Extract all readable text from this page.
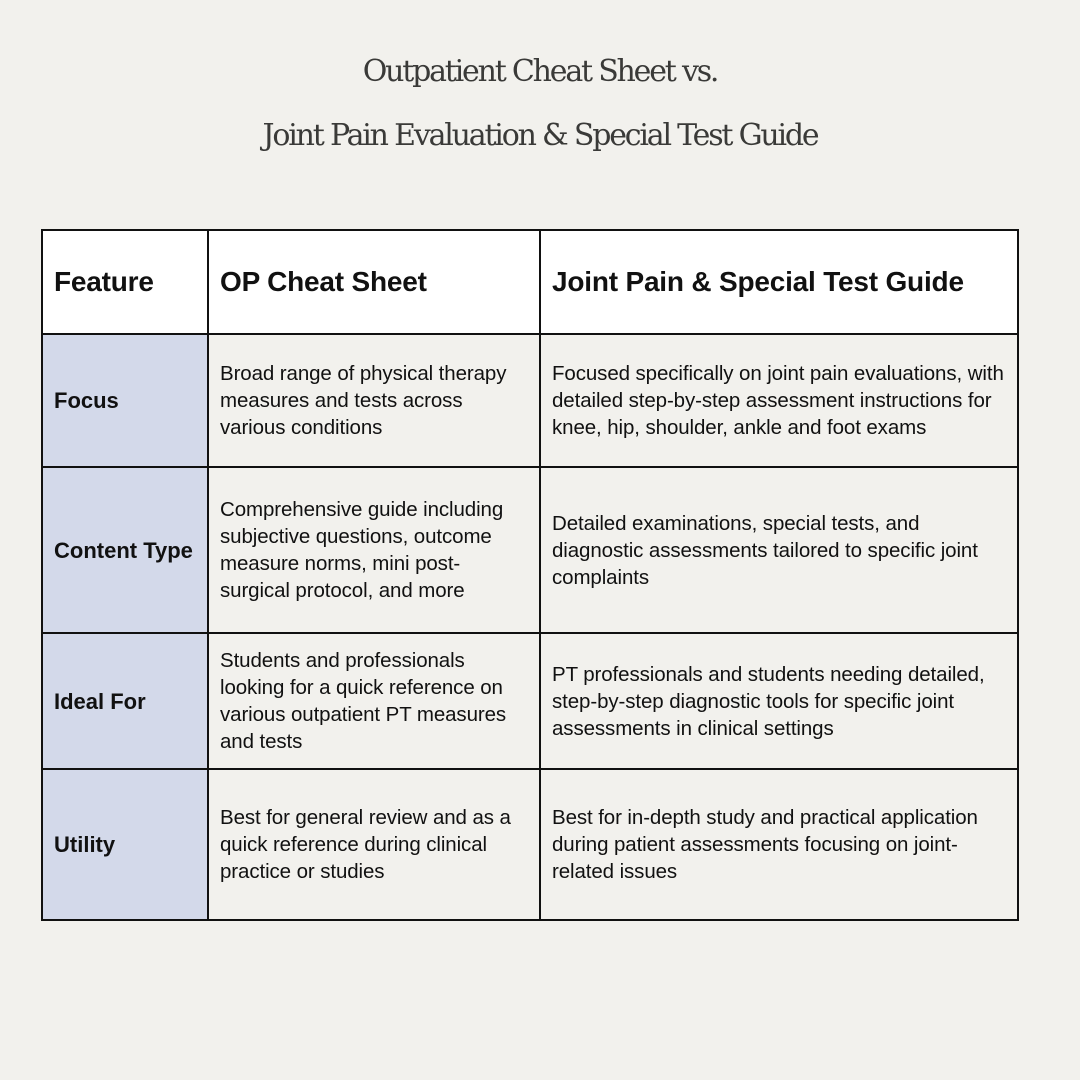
Outpatient Cheat Sheet vs.
Joint Pain Evaluation & Special Test Guide
Feature	OP Cheat Sheet	Joint Pain & Special Test Guide
Focus	Broad range of physical therapy measures and tests across various conditions	Focused specifically on joint pain evaluations, with detailed step-by-step assessment instructions for knee, hip, shoulder, ankle and foot exams
Content Type	Comprehensive guide including subjective questions, outcome measure norms, mini post-surgical protocol, and more	Detailed examinations, special tests, and diagnostic assessments tailored to specific joint complaints
Ideal For	Students and professionals looking for a quick reference on various outpatient PT measures and tests	PT professionals and students needing detailed, step-by-step diagnostic tools for specific joint assessments in clinical settings
Utility	Best for general review and as a quick reference during clinical practice or studies	Best for in-depth study and practical application during patient assessments focusing on joint-related issues
